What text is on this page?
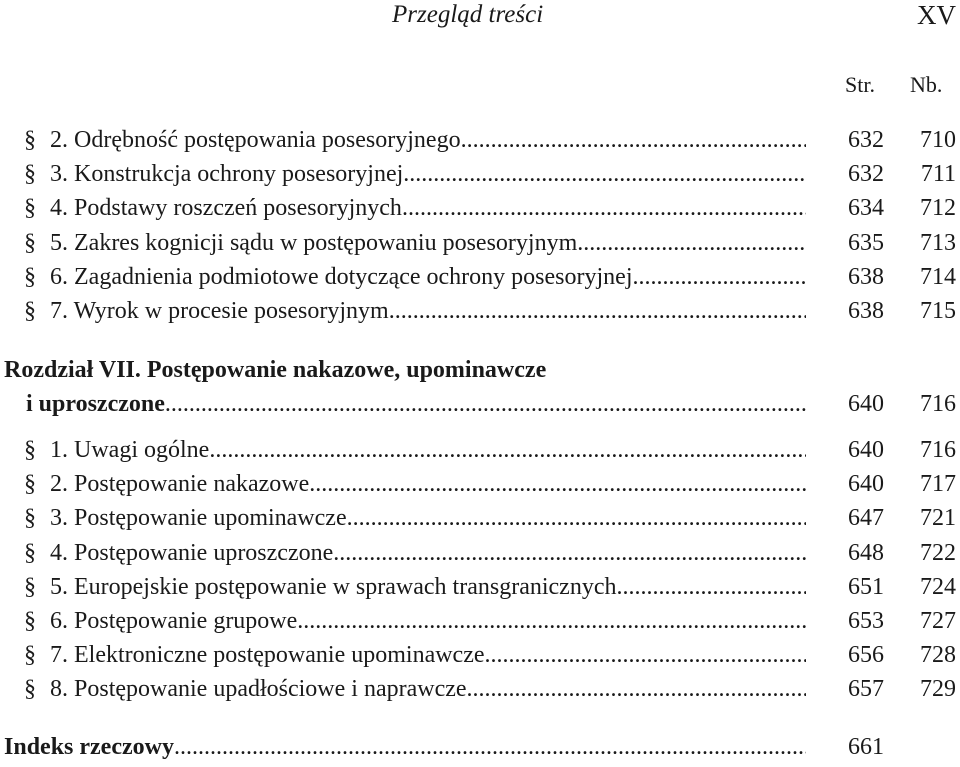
Przegląd treści	XV
Str. Nb.
§ 2. Odrębność postępowania posesoryjnego .....	632	710
§ 3. Konstrukcja ochrony posesoryjnej .....	632	711
§ 4. Podstawy roszczeń posesoryjnych .....	634	712
§ 5. Zakres kognicji sądu w postępowaniu posesoryjnym .....	635	713
§ 6. Zagadnienia podmiotowe dotyczące ochrony posesoryjnej .....	638	714
§ 7. Wyrok w procesie posesoryjnym .....	638	715
Rozdział VII. Postępowanie nakazowe, upominawcze
i uproszczone .....	640	716
§ 1. Uwagi ogólne .....	640	716
§ 2. Postępowanie nakazowe .....	640	717
§ 3. Postępowanie upominawcze .....	647	721
§ 4. Postępowanie uproszczone .....	648	722
§ 5. Europejskie postępowanie w sprawach transgranicznych .....	651	724
§ 6. Postępowanie grupowe .....	653	727
§ 7. Elektroniczne postępowanie upominawcze .....	656	728
§ 8. Postępowanie upadłościowe i naprawcze .....	657	729
Indeks rzeczowy .....	661
